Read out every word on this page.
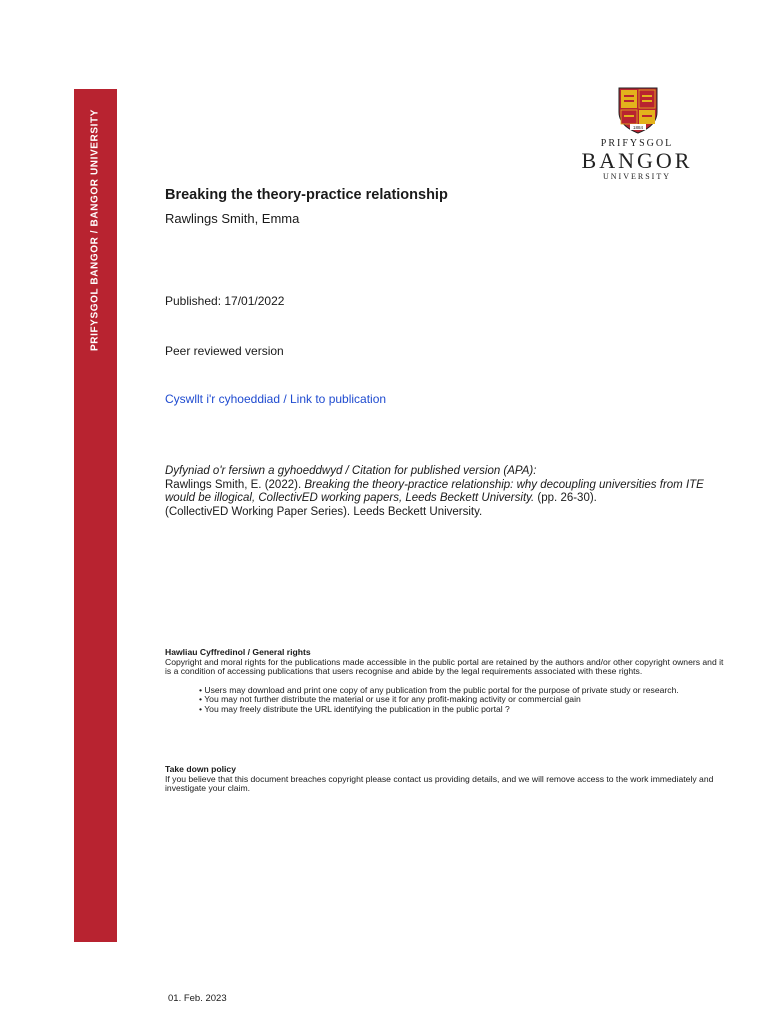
PRIFYSGOL BANGOR / BANGOR UNIVERSITY	1884
PRIFYSGOL
BANGOR
UNIVERSITY
Breaking the theory-practice relationship
Rawlings Smith, Emma
Published: 17/01/2022
Peer reviewed version
Cyswllt i'r cyhoeddiad / Link to publication

Dyfyniad o'r fersiwn a gyhoeddwyd / Citation for published version (APA):

Rawlings Smith, E. (2022). Breaking the theory-practice relationship: why decoupling universities from ITE would be illogical, CollectivED working papers, Leeds Beckett University. (pp. 26-30).

(CollectivED Working Paper Series). Leeds Beckett University.

Hawliau Cyffredinol / General rights

Copyright and moral rights for the publications made accessible in the public portal are retained by the authors and/or other copyright owners and it is a condition of accessing publications that users recognise and abide by the legal requirements associated with these rights.

• Users may download and print one copy of any publication from the public portal for the purpose of private study or research.

• You may not further distribute the material or use it for any profit-making activity or commercial gain

• You may freely distribute the URL identifying the publication in the public portal ?

Take down policy

If you believe that this document breaches copyright please contact us providing details, and we will remove access to the work immediately and investigate your claim.

01. Feb. 2023
